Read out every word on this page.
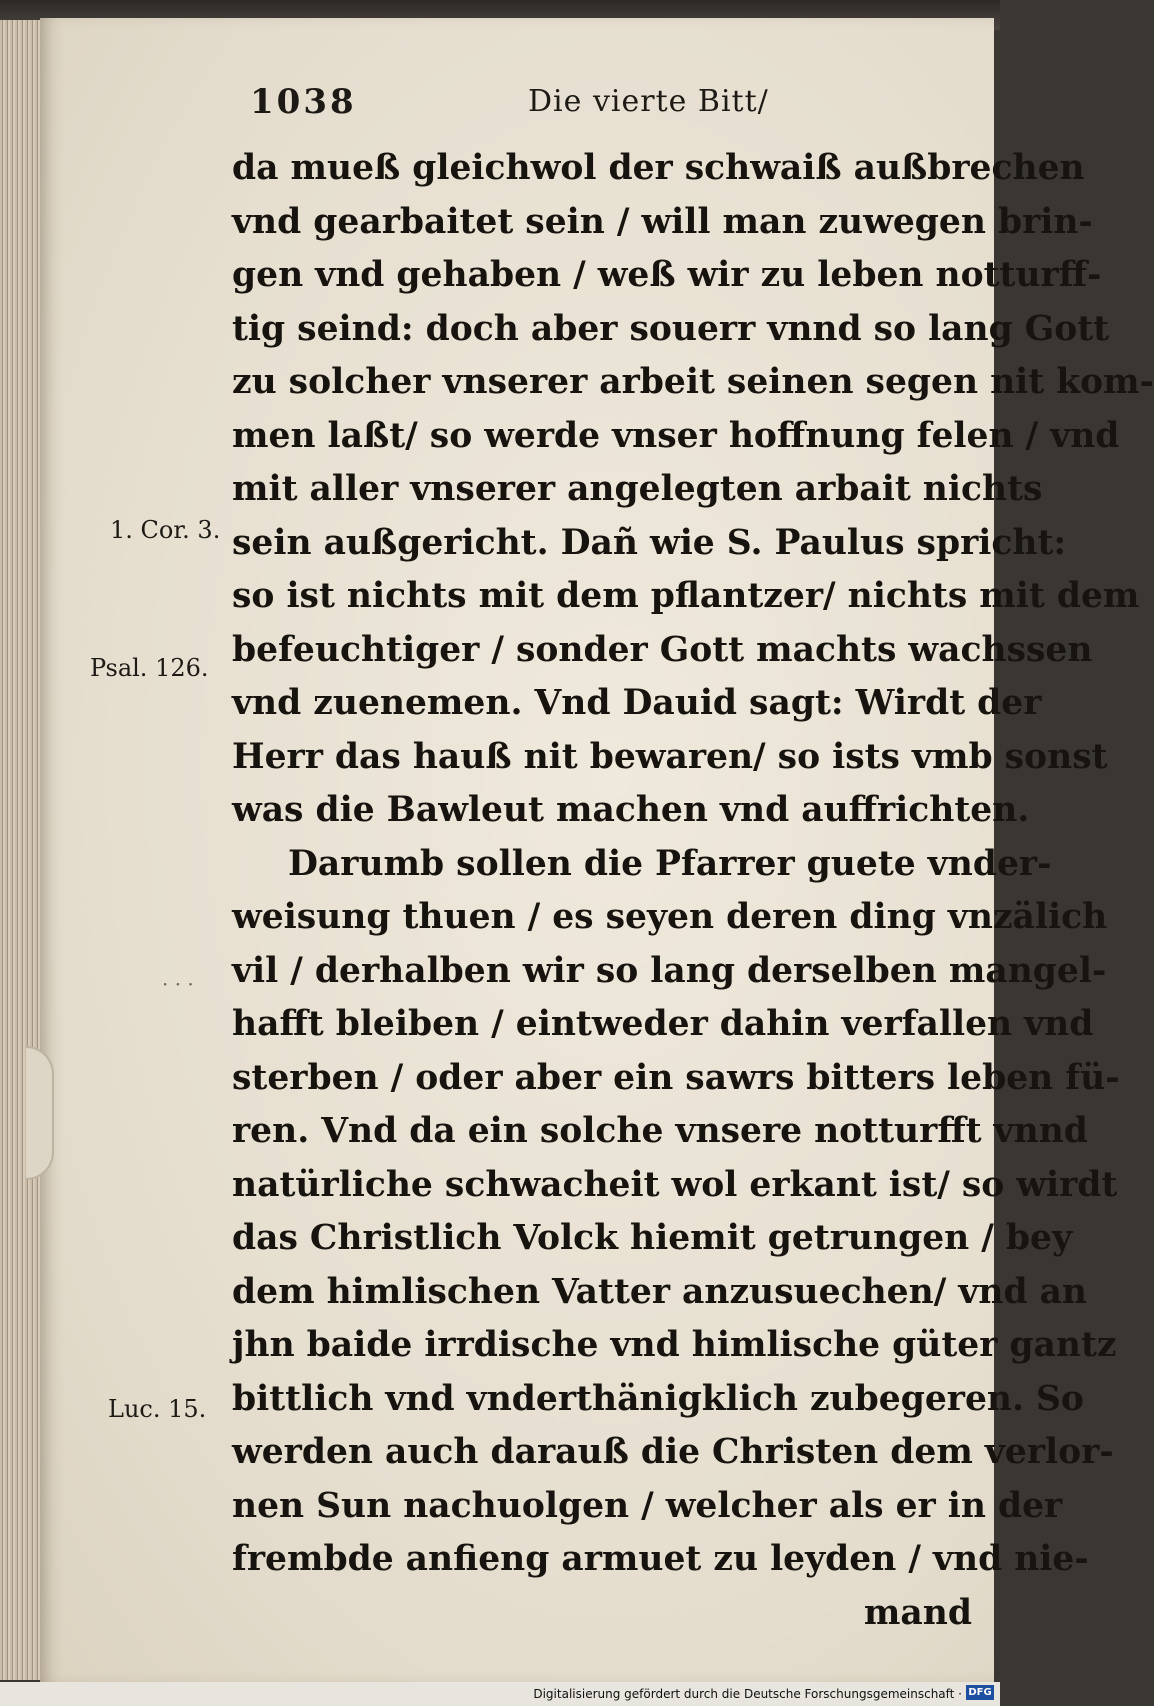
1038	Die vierte Bitt/
da mueß gleichwol der schwaiß außbrechen
vnd gearbaitet sein / will man zuwegen brin-
gen vnd gehaben / weß wir zu leben notturff-
tig seind: doch aber souerr vnnd so lang Gott
zu solcher vnserer arbeit seinen segen nit kom-
men laßt/ so werde vnser hoffnung felen / vnd
mit aller vnserer angelegten arbait nichts
sein außgericht. Dañ wie S. Paulus spricht:
so ist nichts mit dem pflantzer/ nichts mit dem
befeuchtiger / sonder Gott machts wachssen
vnd zuenemen. Vnd Dauid sagt: Wirdt der
Herr das hauß nit bewaren/ so ists vmb sonst
was die Bawleut machen vnd auffrichten.
Darumb sollen die Pfarrer guete vnder-
weisung thuen / es seyen deren ding vnzälich
vil / derhalben wir so lang derselben mangel-
hafft bleiben / eintweder dahin verfallen vnd
sterben / oder aber ein sawrs bitters leben fü-
ren. Vnd da ein solche vnsere notturfft vnnd
natürliche schwacheit wol erkant ist/ so wirdt
das Christlich Volck hiemit getrungen / bey
dem himlischen Vatter anzusuechen/ vnd an
jhn baide irrdische vnd himlische güter gantz
bittlich vnd vnderthänigklich zubegeren. So
werden auch darauß die Christen dem verlor-
nen Sun nachuolgen / welcher als er in der
frembde anfieng armuet zu leyden / vnd nie-
mand
1. Cor. 3.
Psal. 126.
· · ·
Luc. 15.
Digitalisierung gefördert durch die Deutsche Forschungsgemeinschaft · DFG
